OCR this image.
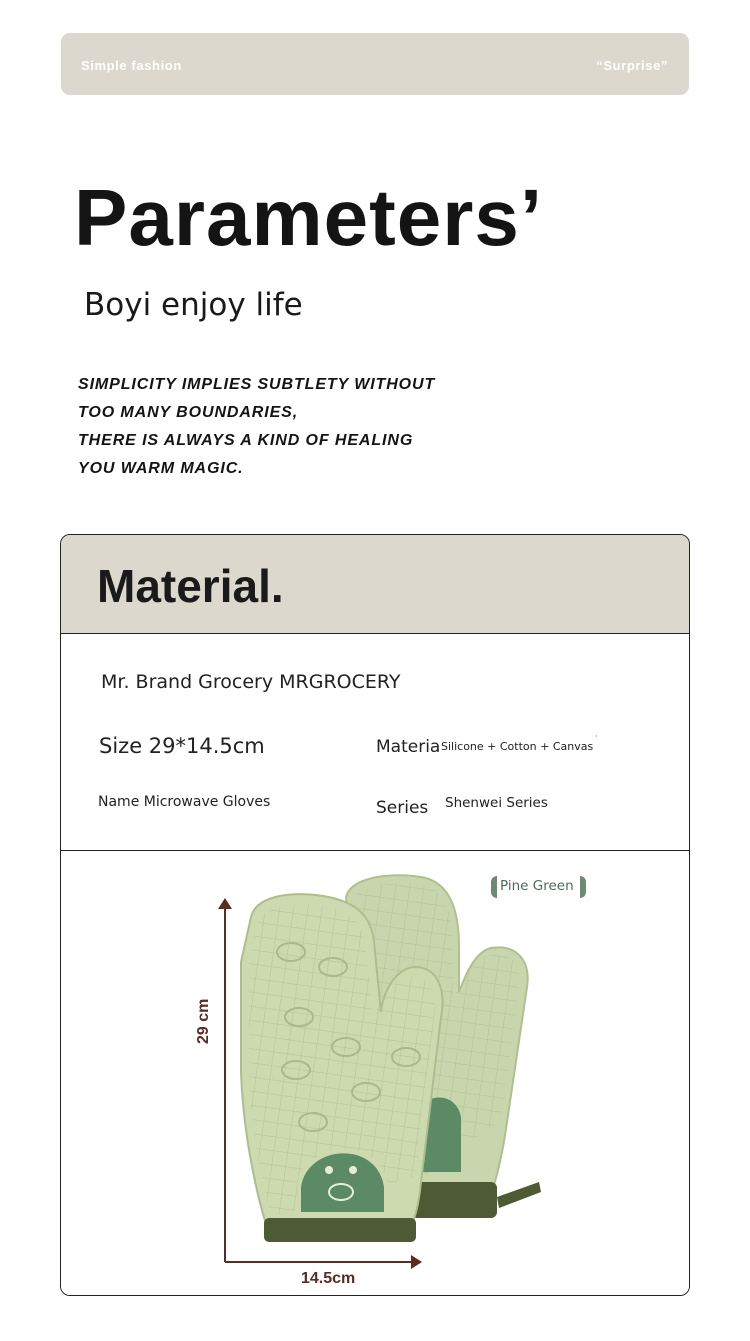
Simple fashion	“Surprise”
Parameters’
Boyi enjoy life
SIMPLICITY IMPLIES SUBTLETY WITHOUT
TOO MANY BOUNDARIES,
THERE IS ALWAYS A KIND OF HEALING
YOU WARM MAGIC.
Material.
Mr. Brand Grocery MRGROCERY
Size 29*14.5cm	Materia Silicone + Cotton + Canvas
·
Name Microwave Gloves	Series Shenwei Series
Pine Green
29 cm
14.5cm
